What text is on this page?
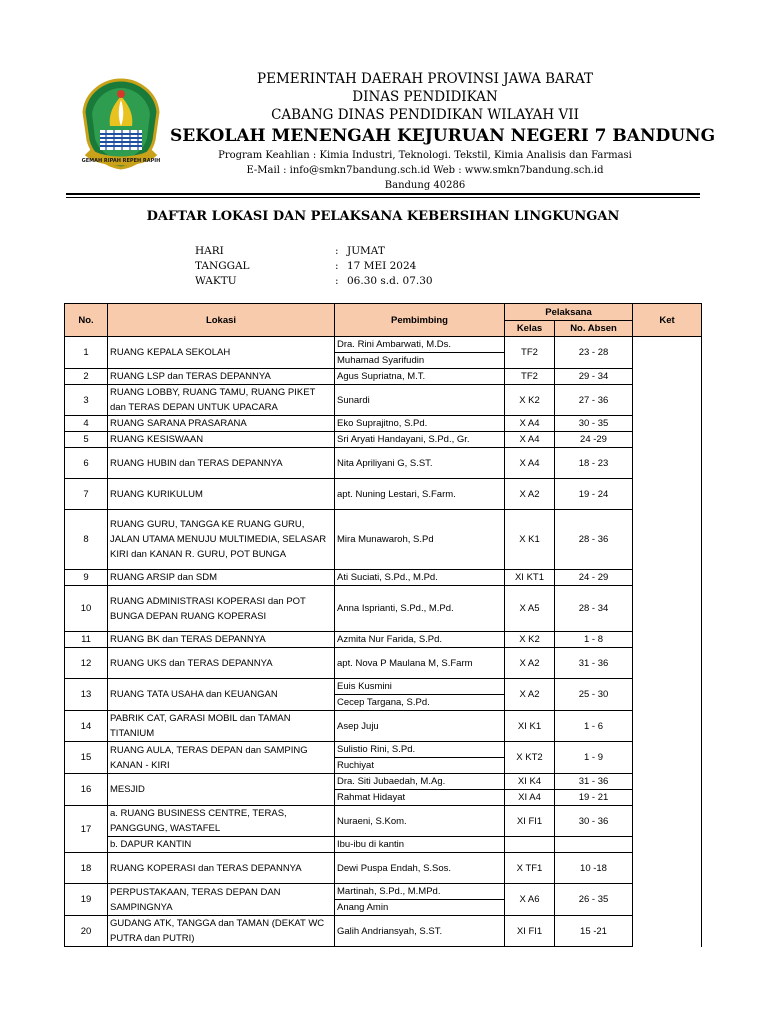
GEMAH RIPAH REPEH RAPIH
PEMERINTAH DAERAH PROVINSI JAWA BARAT
DINAS PENDIDIKAN
CABANG DINAS PENDIDIKAN WILAYAH VII
SEKOLAH MENENGAH KEJURUAN NEGERI 7 BANDUNG
Program Keahlian : Kimia Industri, Teknologi. Tekstil, Kimia Analisis dan Farmasi
E-Mail : info@smkn7bandung.sch.id Web : www.smkn7bandung.sch.id
Bandung 40286
DAFTAR LOKASI DAN PELAKSANA KEBERSIHAN LINGKUNGAN
HARI	: JUMAT
TANGGAL	: 17 MEI 2024
WAKTU	: 06.30 s.d. 07.30
No.	Lokasi	Pembimbing	Pelaksana		Ket
			Kelas	No. Absen	
1	RUANG KEPALA SEKOLAH	Dra. Rini Ambarwati, M.Ds.	TF2	23 - 28	
		Muhamad Syarifudin			
2	RUANG LSP dan TERAS DEPANNYA	Agus Supriatna, M.T.	TF2	29 - 34	
3	RUANG LOBBY, RUANG TAMU, RUANG PIKET dan TERAS DEPAN UNTUK UPACARA	Sunardi	X K2	27 - 36	
4	RUANG SARANA PRASARANA	Eko Suprajitno, S.Pd.	X A4	30 - 35	
5	RUANG KESISWAAN	Sri Aryati Handayani, S.Pd., Gr.	X A4	24 -29	
6	RUANG HUBIN dan TERAS DEPANNYA	Nita Apriliyani G, S.ST.	X A4	18 - 23	
7	RUANG KURIKULUM	apt. Nuning Lestari, S.Farm.	X A2	19 - 24	
8	RUANG GURU, TANGGA KE RUANG GURU, JALAN UTAMA MENUJU MULTIMEDIA, SELASAR KIRI dan KANAN R. GURU, POT BUNGA	Mira Munawaroh, S.Pd	X K1	28 - 36	
9	RUANG ARSIP dan SDM	Ati Suciati, S.Pd., M.Pd.	XI KT1	24 - 29	
10	RUANG ADMINISTRASI KOPERASI dan POT BUNGA DEPAN RUANG KOPERASI	Anna Isprianti, S.Pd., M.Pd.	X A5	28 - 34	
11	RUANG BK dan TERAS DEPANNYA	Azmita Nur Farida, S.Pd.	X K2	1 - 8	
12	RUANG UKS dan TERAS DEPANNYA	apt. Nova P Maulana M, S.Farm	X A2	31 - 36	
13	RUANG TATA USAHA dan KEUANGAN	Euis Kusmini	X A2	25 - 30	
		Cecep Targana, S.Pd.			
14	PABRIK CAT, GARASI MOBIL dan TAMAN TITANIUM	Asep Juju	XI K1	1 - 6	
15	RUANG AULA, TERAS DEPAN dan SAMPING KANAN - KIRI	Sulistio Rini, S.Pd.	X KT2	1 - 9	
		Ruchiyat			
16	MESJID	Dra. Siti Jubaedah, M.Ag.	XI K4	31 - 36	
		Rahmat Hidayat	XI A4	19 - 21	
17	a. RUANG BUSINESS CENTRE, TERAS, PANGGUNG, WASTAFEL	Nuraeni, S.Kom.	XI FI1	30 - 36	
	b. DAPUR KANTIN	Ibu-ibu di kantin			
18	RUANG KOPERASI dan TERAS DEPANNYA	Dewi Puspa Endah, S.Sos.	X TF1	10 -18	
19	PERPUSTAKAAN, TERAS DEPAN DAN SAMPINGNYA	Martinah, S.Pd., M.MPd.	X A6	26 - 35	
		Anang Amin			
20	GUDANG ATK, TANGGA dan TAMAN (DEKAT WC PUTRA dan PUTRI)	Galih Andriansyah, S.ST.	XI FI1	15 -21	
